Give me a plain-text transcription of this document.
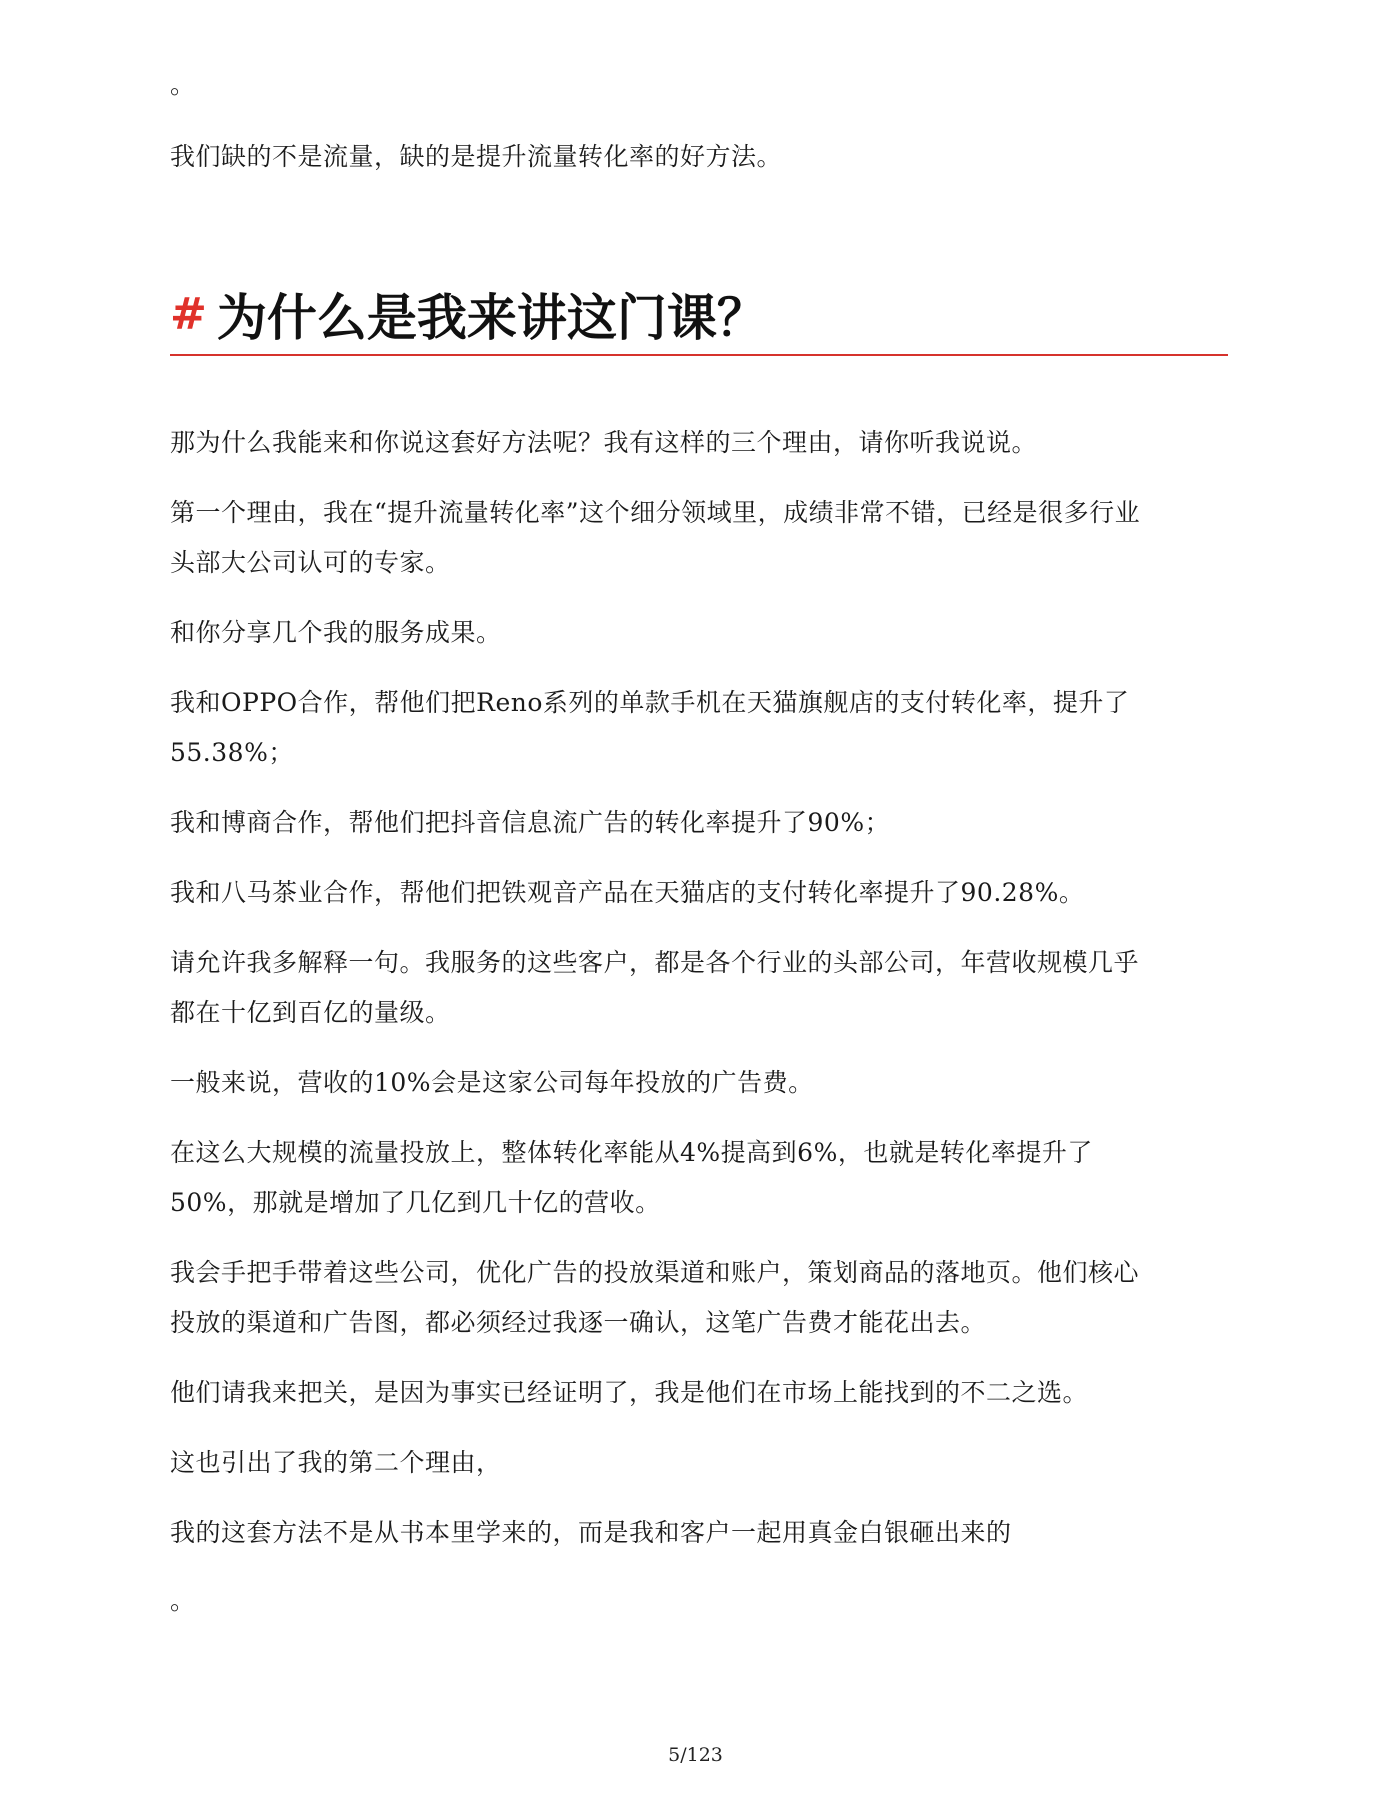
。

我们缺的不是流量，缺的是提升流量转化率的好方法。

# 为什么是我来讲这门课？

那为什么我能来和你说这套好方法呢？我有这样的三个理由，请你听我说说。

第一个理由，我在“提升流量转化率”这个细分领域里，成绩非常不错，已经是很多行业
头部大公司认可的专家。

和你分享几个我的服务成果。

我和OPPO合作，帮他们把Reno系列的单款手机在天猫旗舰店的支付转化率，提升了
55.38%；

我和博商合作，帮他们把抖音信息流广告的转化率提升了90%；

我和八马茶业合作，帮他们把铁观音产品在天猫店的支付转化率提升了90.28%。

请允许我多解释一句。我服务的这些客户，都是各个行业的头部公司，年营收规模几乎
都在十亿到百亿的量级。

一般来说，营收的10%会是这家公司每年投放的广告费。

在这么大规模的流量投放上，整体转化率能从4%提高到6%，也就是转化率提升了
50%，那就是增加了几亿到几十亿的营收。

我会手把手带着这些公司，优化广告的投放渠道和账户，策划商品的落地页。他们核心
投放的渠道和广告图，都必须经过我逐一确认，这笔广告费才能花出去。

他们请我来把关，是因为事实已经证明了，我是他们在市场上能找到的不二之选。

这也引出了我的第二个理由，

我的这套方法不是从书本里学来的，而是我和客户一起用真金白银砸出来的

。
5/123
